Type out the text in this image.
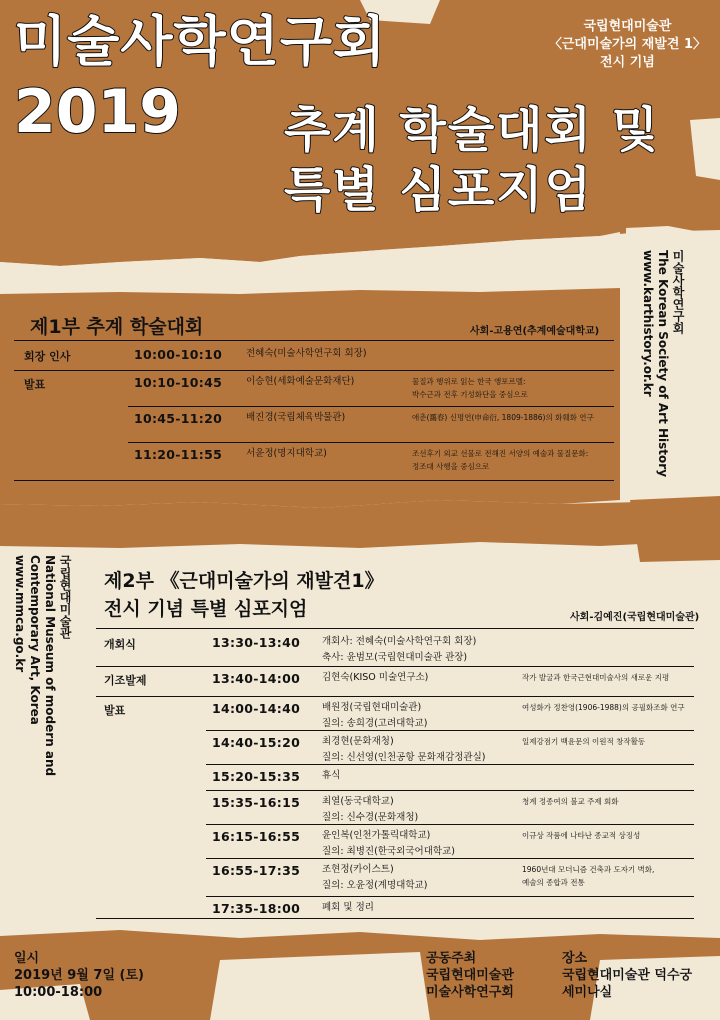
미술사학연구회
2019 추계 학술대회 및
특별 심포지엄
국립현대미술관
〈근대미술가의 재발견 1〉
전시 기념
미술사학연구회
The Korean Society of Art History
www.karthistory.or.kr
국립현대미술관
National Museum of modern and
Contemporary Art, Korea
www.mmca.go.kr
제1부 추계 학술대회	사회-고용연(추계예술대학교)
회장 인사	10:00-10:10	전혜숙(미술사학연구회 회장)
발표	10:10-10:45	이승현(세화예술문화재단)	물질과 행위로 읽는 한국 앵포르멜:
박수근과 전후 기성화단을 중심으로
10:45-11:20	배진경(국립체육박물관)	애춘(靄春) 신명연(申命衍, 1809-1886)의 화훼화 연구
11:20-11:55	서윤정(명지대학교)	조선후기 외교 선물로 전해진 서양의 예술과 물질문화:
정조대 사행을 중심으로
제2부 《근대미술가의 재발견1》
전시 기념 특별 심포지엄	사회-김예진(국립현대미술관)
개회식	13:30-13:40 개회사: 전혜숙(미술사학연구회 회장)
축사: 윤범모(국립현대미술관 관장)
기조발제	13:40-14:00 김현숙(KISO 미술연구소)	작가 발굴과 한국근현대미술사의 새로운 지평
발표	14:00-14:40 배원정(국립현대미술관)
질의: 송희경(고려대학교)
여성화가 정찬영(1906-1988)의 공필화조화 연구
14:40-15:20 최경현(문화재청)
질의: 신선영(인천공항 문화재감정관실)
일제강점기 백윤문의 이원적 창작활동
15:20-15:35 휴식
15:35-16:15 최열(동국대학교)
질의: 신수경(문화재청)
청계 정종여의 불교 주제 회화
16:15-16:55 윤인복(인천가톨릭대학교)
질의: 최병진(한국외국어대학교)
이규상 작품에 나타난 종교적 상징성
16:55-17:35 조현정(카이스트)
질의: 오윤정(계명대학교)
1960년대 모더니즘 건축과 도자기 벽화,
예술의 종합과 전통
17:35-18:00 폐회 및 정리
일시
2019년 9월 7일 (토)
10:00-18:00
공동주최
국립현대미술관
미술사학연구회
장소
국립현대미술관 덕수궁
세미나실
